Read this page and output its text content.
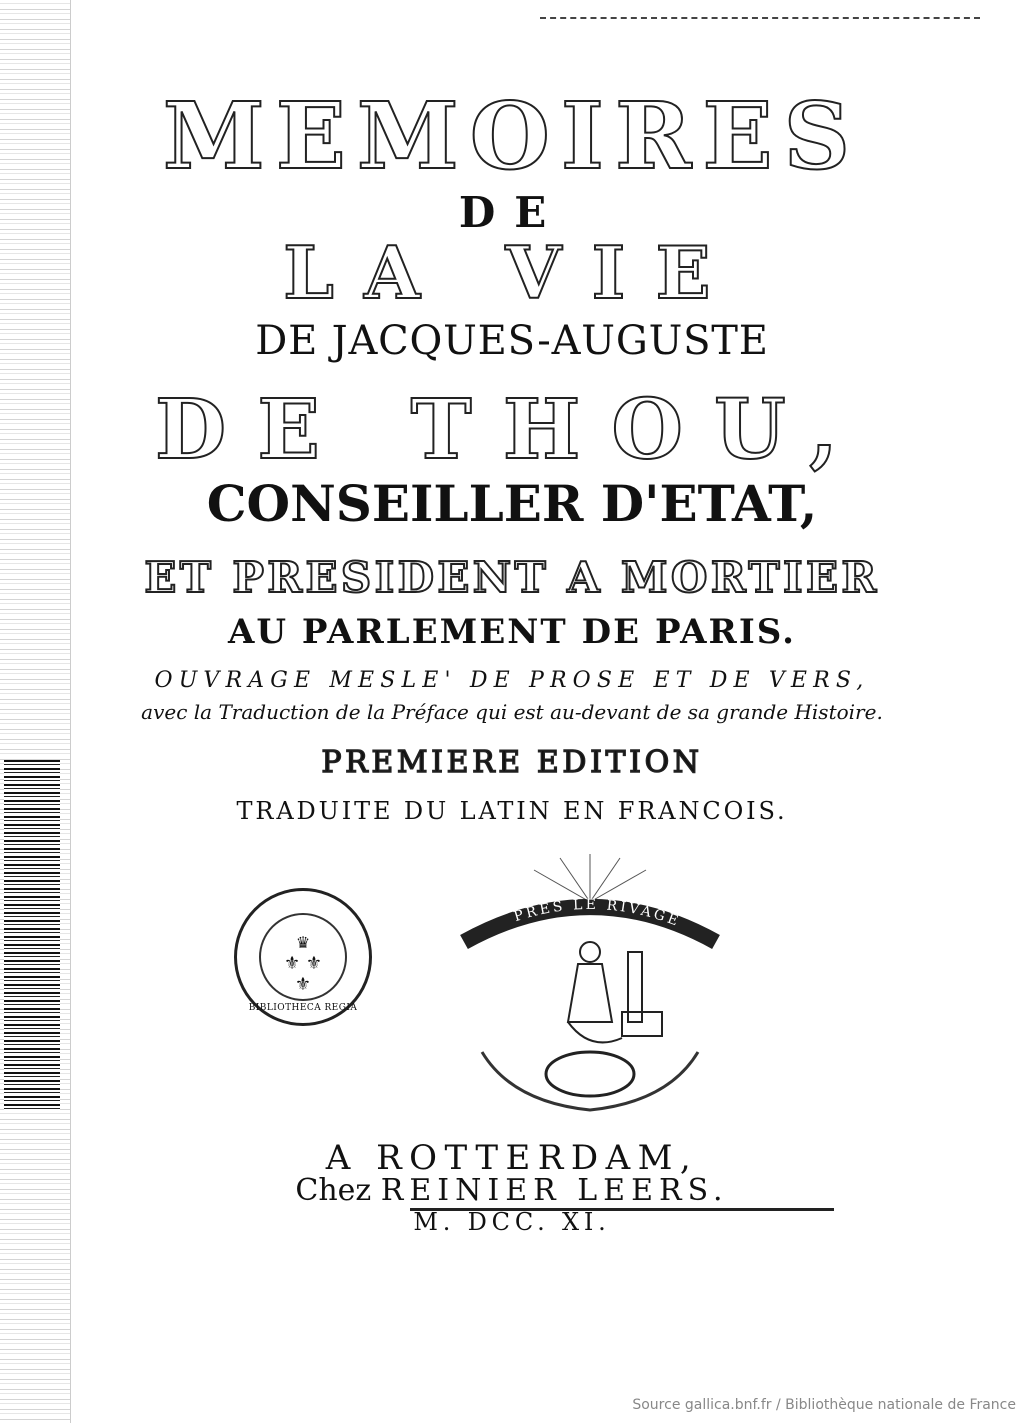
MEMOIRES
DE
LA VIE
DE JACQUES-AUGUSTE
DE THOU,
CONSEILLER D'ETAT,
ET PRESIDENT A MORTIER
AU PARLEMENT DE PARIS.
OUVRAGE MESLE' DE PROSE ET DE VERS,
avec la Traduction de la Préface qui est au-devant de sa grande Histoire.
PREMIERE EDITION
TRADUITE DU LATIN EN FRANCOIS.
♛
⚜ ⚜
⚜
BIBLIOTHECA REGIA
PRES LE RIVAGE
A ROTTERDAM,
Chez REINIER LEERS.
M. DCC. XI.
Source gallica.bnf.fr / Bibliothèque nationale de France
